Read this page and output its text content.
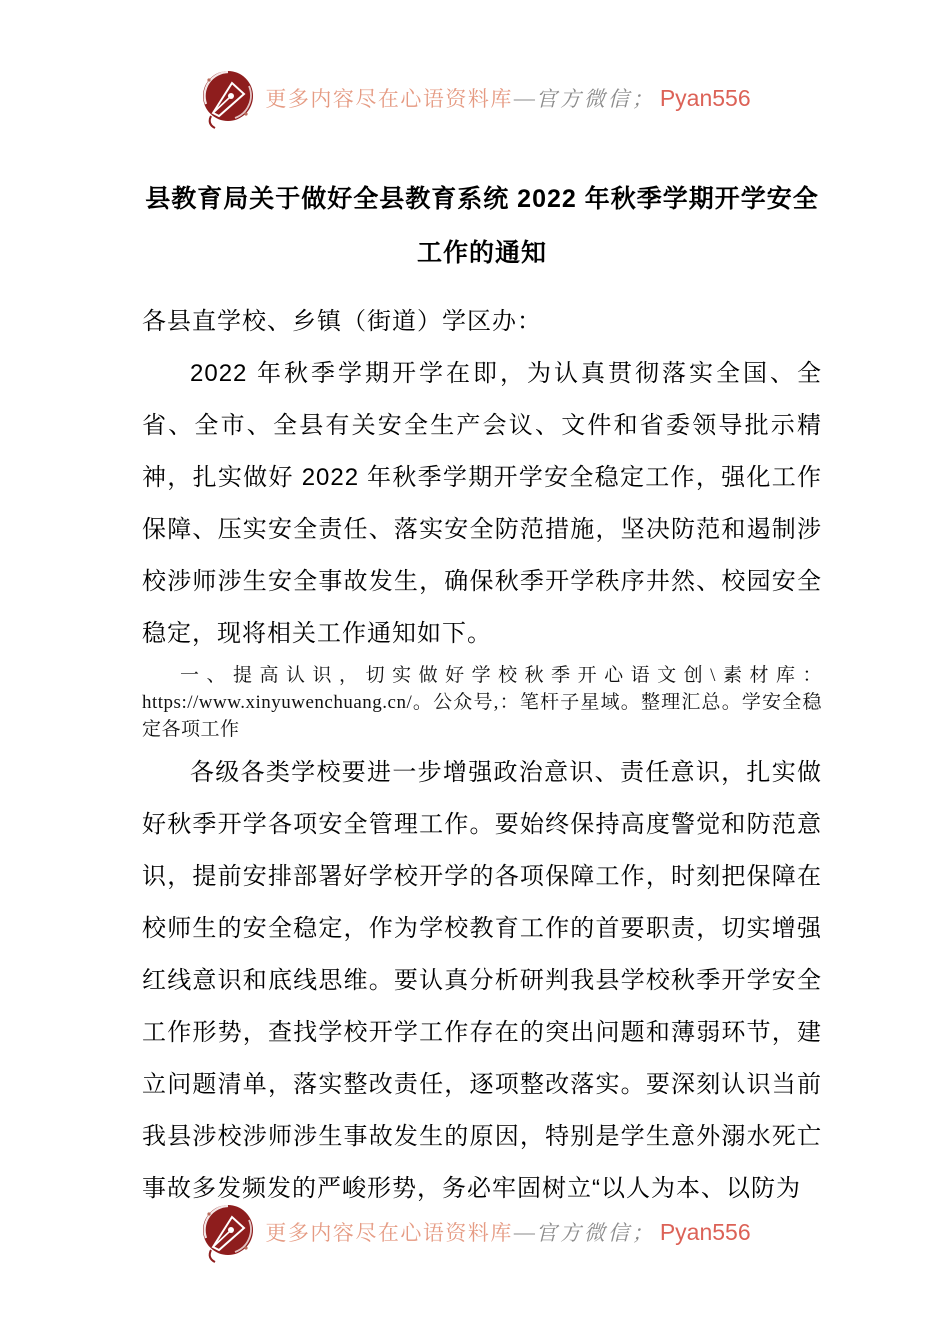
更多内容尽在心语资料库 — 官方微信； Pyan556
县教育局关于做好全县教育系统 2022 年秋季学期开学安全工作的通知

各县直学校、乡镇（街道）学区办：

2022 年秋季学期开学在即，为认真贯彻落实全国、全省、全市、全县有关安全生产会议、文件和省委领导批示精神，扎实做好 2022 年秋季学期开学安全稳定工作，强化工作保障、压实安全责任、落实安全防范措施，坚决防范和遏制涉校涉师涉生安全事故发生，确保秋季开学秩序井然、校园安全稳定，现将相关工作通知如下。

一、提高认识，切实做好学校秋季开心语文创\素材库：https://www.xinyuwenchuang.cn/。公众号,：笔杆子星域。整理汇总。学安全稳定各项工作

各级各类学校要进一步增强政治意识、责任意识，扎实做好秋季开学各项安全管理工作。要始终保持高度警觉和防范意识，提前安排部署好学校开学的各项保障工作，时刻把保障在校师生的安全稳定，作为学校教育工作的首要职责，切实增强红线意识和底线思维。要认真分析研判我县学校秋季开学安全工作形势，查找学校开学工作存在的突出问题和薄弱环节，建立问题清单，落实整改责任，逐项整改落实。要深刻认识当前我县涉校涉师涉生事故发生的原因，特别是学生意外溺水死亡事故多发频发的严峻形势，务必牢固树立“以人为本、以防为

更多内容尽在心语资料库 — 官方微信； Pyan556
